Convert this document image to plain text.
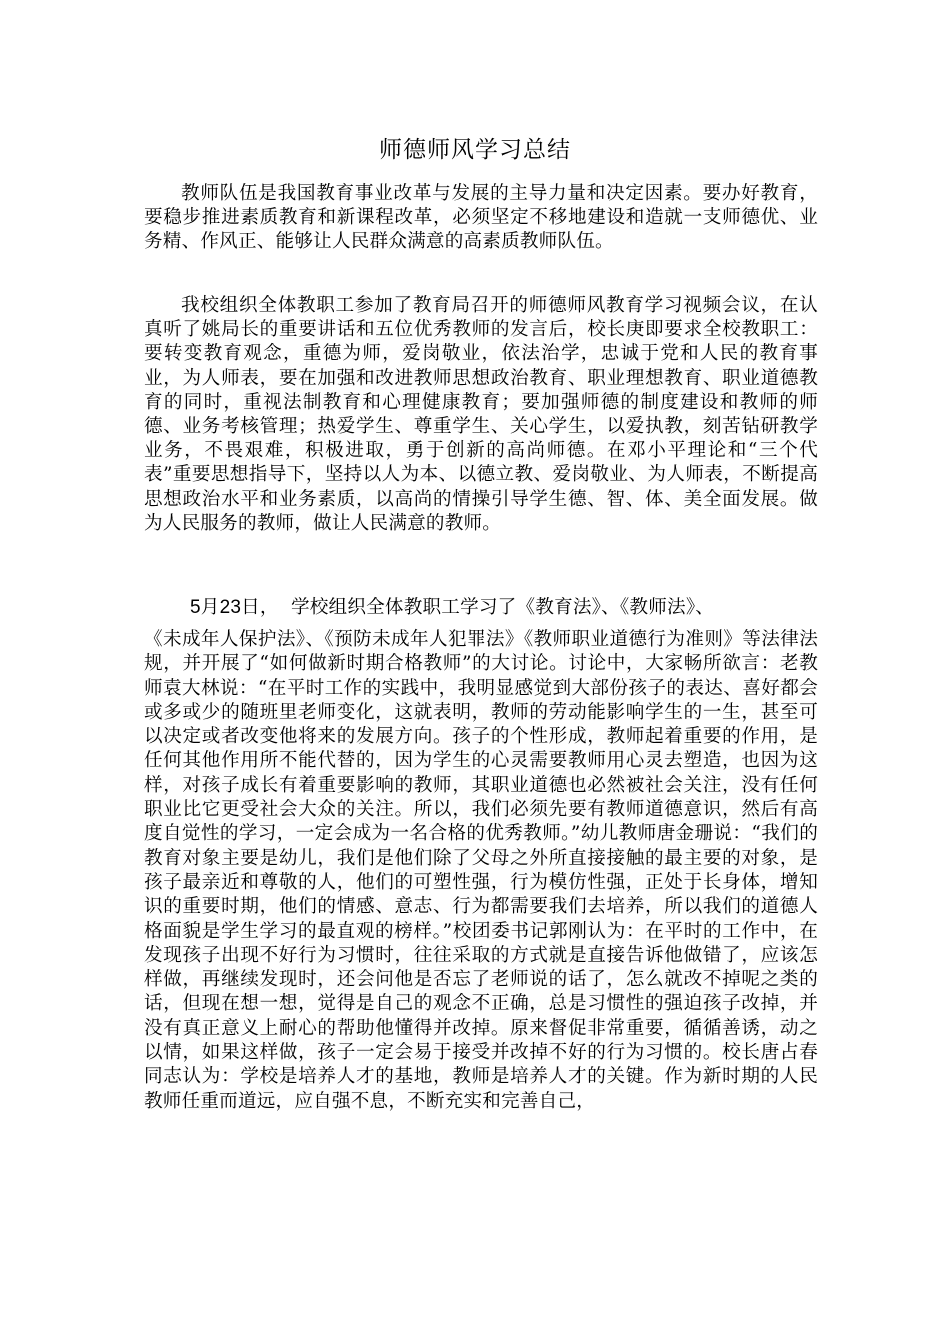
师德师风学习总结

教师队伍是我国教育事业改革与发展的主导力量和决定因素。要办好教育，要稳步推进素质教育和新课程改革，必须坚定不移地建设和造就一支师德优、业务精、作风正、能够让人民群众满意的高素质教师队伍。

我校组织全体教职工参加了教育局召开的师德师风教育学习视频会议，在认真听了姚局长的重要讲话和五位优秀教师的发言后，校长庚即要求全校教职工：要转变教育观念，重德为师，爱岗敬业，依法治学，忠诚于党和人民的教育事业，为人师表，要在加强和改进教师思想政治教育、职业理想教育、职业道德教育的同时，重视法制教育和心理健康教育；要加强师德的制度建设和教师的师德、业务考核管理；热爱学生、尊重学生、关心学生，以爱执教，刻苦钻研教学业务，不畏艰难，积极进取，勇于创新的高尚师德。在邓小平理论和“三个代表”重要思想指导下，坚持以人为本、以德立教、爱岗敬业、为人师表，不断提高思想政治水平和业务素质，以高尚的情操引导学生德、智、体、美全面发展。做为人民服务的教师，做让人民满意的教师。

5月23日， 学校组织全体教职工学习了《教育法》、《教师法》、

《未成年人保护法》、《预防未成年人犯罪法》《教师职业道德行为准则》等法律法规，并开展了“如何做新时期合格教师”的大讨论。讨论中，大家畅所欲言：老教师袁大林说：“在平时工作的实践中，我明显感觉到大部份孩子的表达、喜好都会或多或少的随班里老师变化，这就表明，教师的劳动能影响学生的一生，甚至可以决定或者改变他将来的发展方向。孩子的个性形成，教师起着重要的作用，是任何其他作用所不能代替的，因为学生的心灵需要教师用心灵去塑造，也因为这样，对孩子成长有着重要影响的教师，其职业道德也必然被社会关注，没有任何职业比它更受社会大众的关注。所以，我们必须先要有教师道德意识，然后有高度自觉性的学习，一定会成为一名合格的优秀教师。”幼儿教师唐金珊说：“我们的教育对象主要是幼儿，我们是他们除了父母之外所直接接触的最主要的对象，是孩子最亲近和尊敬的人，他们的可塑性强，行为模仿性强，正处于长身体，增知识的重要时期，他们的情感、意志、行为都需要我们去培养，所以我们的道德人格面貌是学生学习的最直观的榜样。”校团委书记郭刚认为：在平时的工作中，在发现孩子出现不好行为习惯时，往往采取的方式就是直接告诉他做错了，应该怎样做，再继续发现时，还会问他是否忘了老师说的话了，怎么就改不掉呢之类的话，但现在想一想，觉得是自己的观念不正确，总是习惯性的强迫孩子改掉，并没有真正意义上耐心的帮助他懂得并改掉。原来督促非常重要，循循善诱，动之以情，如果这样做，孩子一定会易于接受并改掉不好的行为习惯的。校长唐占春同志认为：学校是培养人才的基地，教师是培养人才的关键。作为新时期的人民教师任重而道远，应自强不息，不断充实和完善自己，
